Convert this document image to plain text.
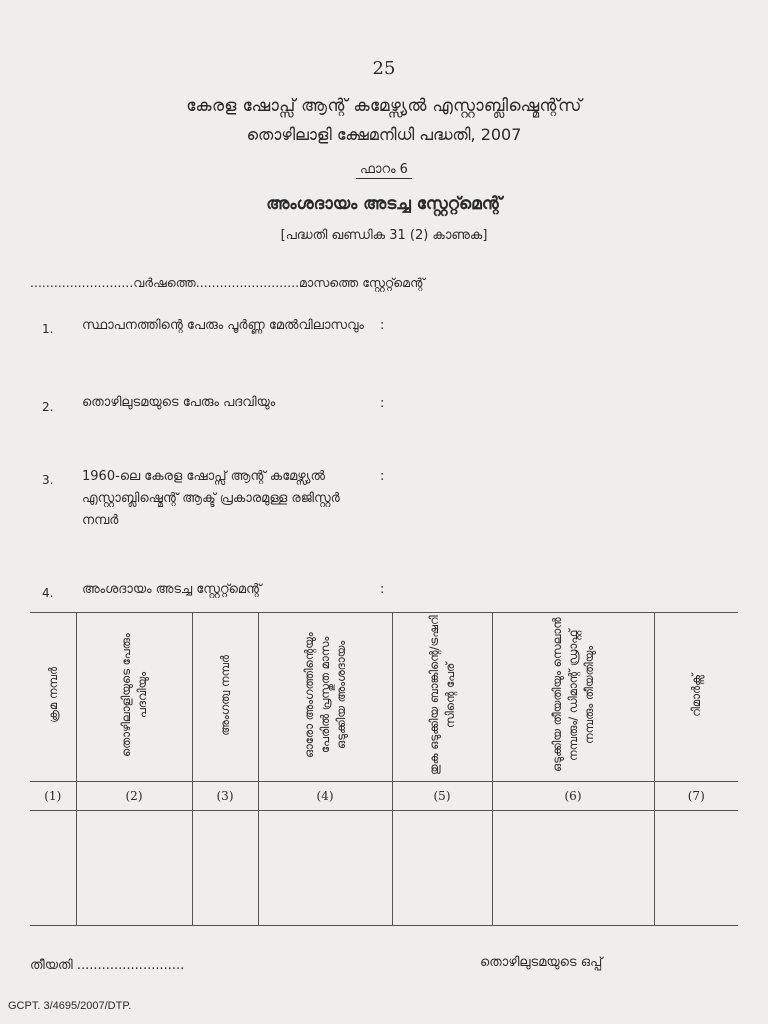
25
കേരള ഷോപ്സ് ആന്റ് കമേഴ്സ്യൽ എസ്റ്റാബ്ലിഷ്മെന്റ്സ്
തൊഴിലാളി ക്ഷേമനിധി പദ്ധതി, 2007
ഫാറം 6
അംശദായം അടച്ച സ്റ്റേറ്റ്മെന്റ്
[പദ്ധതി ഖണ്ഡിക 31 (2) കാണുക]
..........................വർഷത്തെ..........................മാസത്തെ സ്റ്റേറ്റ്മെന്റ്
1. സ്ഥാപനത്തിന്റെ പേരും പൂർണ്ണ മേൽവിലാസവും	:
2. തൊഴിലുടമയുടെ പേരും പദവിയും	:
3. 1960-ലെ കേരള ഷോപ്സ് ആന്റ് കമേഴ്സ്യൽ എസ്റ്റാബ്ലിഷ്മെന്റ് ആക്ട് പ്രകാരമുള്ള രജിസ്റ്റർ നമ്പർ
:
4. അംശദായം അടച്ച സ്റ്റേറ്റ്മെന്റ്	:
ക്രമ നമ്പർ	തൊഴിലാളിയുടെ പേരും പദവിയും	അംഗത്വ നമ്പർ	ഓരോ അംഗത്തിന്റെയും പേരിൽ പ്രസ്തുത മാസം ഒടുക്കിയ അംശദായം	തുക ഒടുക്കിയ ബാങ്കിന്റെ/ട്രഷറി സിന്റെ പേര്	ഒടുക്കിയ തീയതിയും സെലാൻ നമ്പരും/ ഡിമാന്റ് ഡ്രാഫ്റ്റ് നമ്പരും തീയതിയും	റിമാർക്സ്
(1)	(2)	(3)	(4)	(5)	(6)	(7)

തീയതി ..........................	തൊഴിലുടമയുടെ ഒപ്പ്
GCPT. 3/4695/2007/DTP.
